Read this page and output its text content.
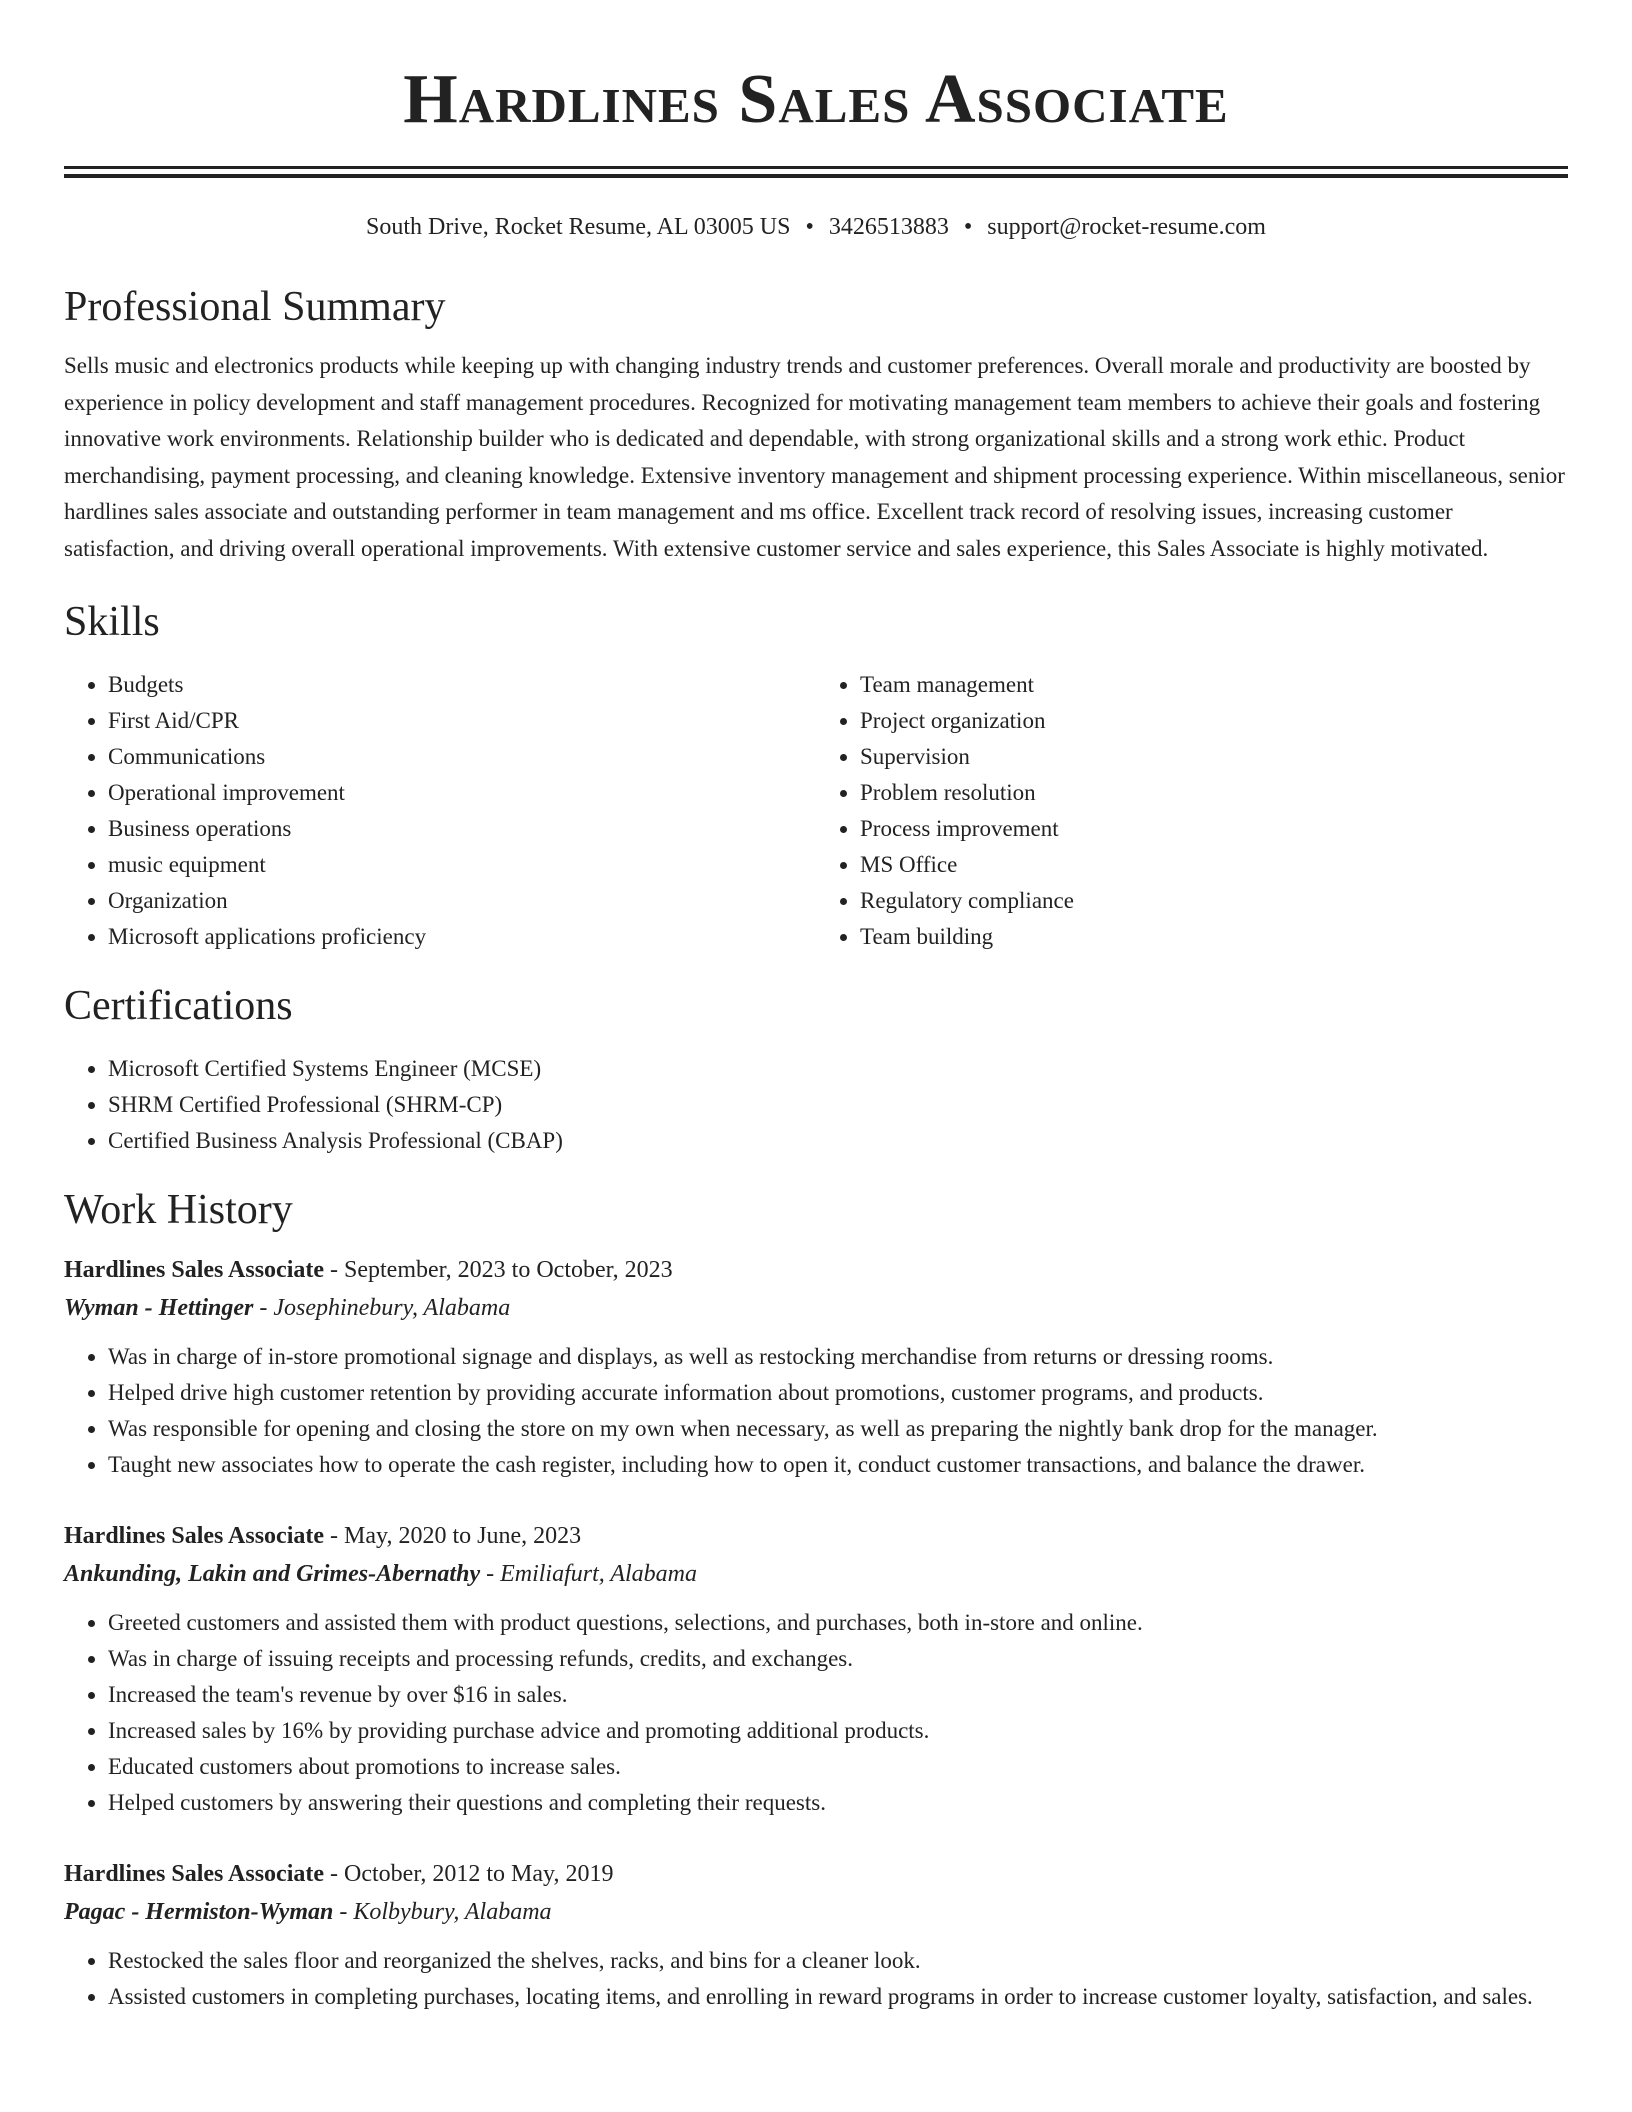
Hardlines Sales Associate
South Drive, Rocket Resume, AL 03005 US • 3426513883 • support@rocket-resume.com
Professional Summary

Sells music and electronics products while keeping up with changing industry trends and customer preferences. Overall morale and productivity are boosted by experience in policy development and staff management procedures. Recognized for motivating management team members to achieve their goals and fostering innovative work environments. Relationship builder who is dedicated and dependable, with strong organizational skills and a strong work ethic. Product merchandising, payment processing, and cleaning knowledge. Extensive inventory management and shipment processing experience. Within miscellaneous, senior hardlines sales associate and outstanding performer in team management and ms office. Excellent track record of resolving issues, increasing customer satisfaction, and driving overall operational improvements. With extensive customer service and sales experience, this Sales Associate is highly motivated.

Skills
• Budgets
• First Aid/CPR
• Communications
• Operational improvement
• Business operations
• music equipment
• Organization
• Microsoft applications proficiency
• Team management
• Project organization
• Supervision
• Problem resolution
• Process improvement
• MS Office
• Regulatory compliance
• Team building
Certifications
• Microsoft Certified Systems Engineer (MCSE)
• SHRM Certified Professional (SHRM-CP)
• Certified Business Analysis Professional (CBAP)
Work History
Hardlines Sales Associate - September, 2023 to October, 2023
Wyman - Hettinger - Josephinebury, Alabama
• Was in charge of in-store promotional signage and displays, as well as restocking merchandise from returns or dressing rooms.
• Helped drive high customer retention by providing accurate information about promotions, customer programs, and products.
• Was responsible for opening and closing the store on my own when necessary, as well as preparing the nightly bank drop for the manager.
• Taught new associates how to operate the cash register, including how to open it, conduct customer transactions, and balance the drawer.
Hardlines Sales Associate - May, 2020 to June, 2023
Ankunding, Lakin and Grimes-Abernathy - Emiliafurt, Alabama
• Greeted customers and assisted them with product questions, selections, and purchases, both in-store and online.
• Was in charge of issuing receipts and processing refunds, credits, and exchanges.
• Increased the team's revenue by over $16 in sales.
• Increased sales by 16% by providing purchase advice and promoting additional products.
• Educated customers about promotions to increase sales.
• Helped customers by answering their questions and completing their requests.
Hardlines Sales Associate - October, 2012 to May, 2019
Pagac - Hermiston-Wyman - Kolbybury, Alabama
• Restocked the sales floor and reorganized the shelves, racks, and bins for a cleaner look.
• Assisted customers in completing purchases, locating items, and enrolling in reward programs in order to increase customer loyalty, satisfaction, and sales.
